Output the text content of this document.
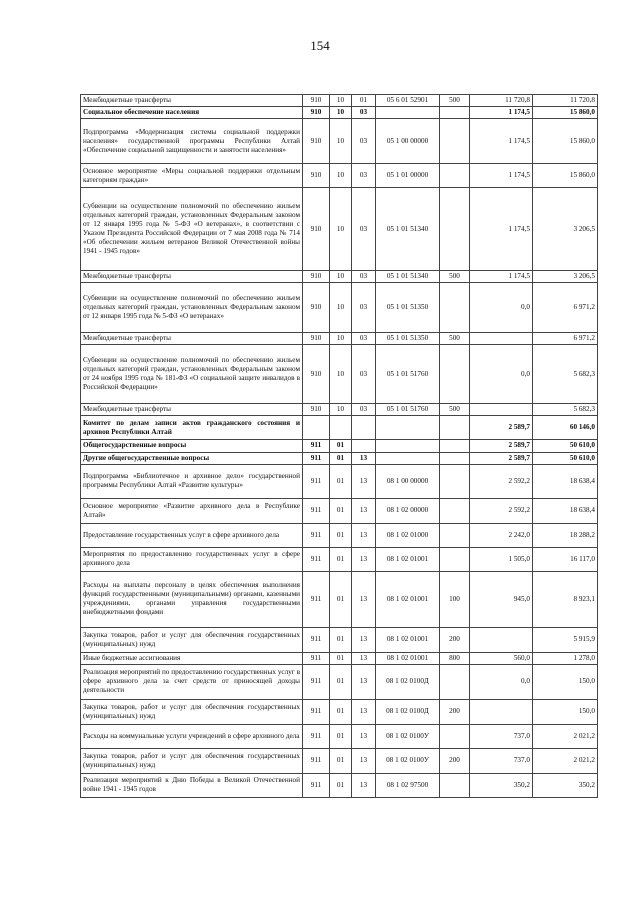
154
Межбюджетные трансферты	910	10	01	05 6 01 52901	500	11 720,8	11 720,8
Социальное обеспечение населения	910	10	03			1 174,5	15 860,0
Подпрограмма «Модернизация системы социальной поддержки населения» государственной программы Республики Алтай «Обеспечение социальной защищенности и занятости населения»	910	10	03	05 1 00 00000		1 174,5	15 860,0
Основное мероприятие «Меры социальной поддержки отдельным категориям граждан»	910	10	03	05 1 01 00000		1 174,5	15 860,0
Субвенции на осуществление полномочий по обеспечению жильем отдельных категорий граждан, установленных Федеральным законом от 12 января 1995 года № 5-ФЗ «О ветеранах», в соответствии с Указом Президента Российской Федерации от 7 мая 2008 года № 714 «Об обеспечении жильем ветеранов Великой Отечественной войны 1941 - 1945 годов»	910	10	03	05 1 01 51340		1 174,5	3 206,5
Межбюджетные трансферты	910	10	03	05 1 01 51340	500	1 174,5	3 206,5
Субвенции на осуществление полномочий по обеспечению жильем отдельных категорий граждан, установленных Федеральным законом от 12 января 1995 года № 5-ФЗ «О ветеранах»	910	10	03	05 1 01 51350		0,0	6 971,2
Межбюджетные трансферты	910	10	03	05 1 01 51350	500		6 971,2
Субвенции на осуществление полномочий по обеспечению жильем отдельных категорий граждан, установленных Федеральным законом от 24 ноября 1995 года № 181-ФЗ «О социальной защите инвалидов в Российской Федерации»	910	10	03	05 1 01 51760		0,0	5 682,3
Межбюджетные трансферты	910	10	03	05 1 01 51760	500		5 682,3
Комитет по делам записи актов гражданского состояния и архивов Республики Алтай						2 589,7	60 146,0
Общегосударственные вопросы	911	01				2 589,7	50 610,0
Другие общегосударственные вопросы	911	01	13			2 589,7	50 610,0
Подпрограмма «Библиотечное и архивное дело» государственной программы Республики Алтай «Развитие культуры»	911	01	13	08 1 00 00000		2 592,2	18 638,4
Основное мероприятие «Развитие архивного дела в Республике Алтай»	911	01	13	08 1 02 00000		2 592,2	18 638,4
Предоставление государственных услуг в сфере архивного дела	911	01	13	08 1 02 01000		2 242,0	18 288,2
Мероприятия по предоставлению государственных услуг в сфере архивного дела	911	01	13	08 1 02 01001		1 505,0	16 117,0
Расходы на выплаты персоналу в целях обеспечения выполнения функций государственными (муниципальными) органами, казенными учреждениями, органами управления государственными внебюджетными фондами	911	01	13	08 1 02 01001	100	945,0	8 923,1
Закупка товаров, работ и услуг для обеспечения государственных (муниципальных) нужд	911	01	13	08 1 02 01001	200		5 915,9
Иные бюджетные ассигнования	911	01	13	08 1 02 01001	800	560,0	1 278,0
Реализация мероприятий по предоставлению государственных услуг в сфере архивного дела за счет средств от приносящей доходы деятельности	911	01	13	08 1 02 0100Д		0,0	150,0
Закупка товаров, работ и услуг для обеспечения государственных (муниципальных) нужд	911	01	13	08 1 02 0100Д	200		150,0
Расходы на коммунальные услуги учреждений в сфере архивного дела	911	01	13	08 1 02 0100У		737,0	2 021,2
Закупка товаров, работ и услуг для обеспечения государственных (муниципальных) нужд	911	01	13	08 1 02 0100У	200	737,0	2 021,2
Реализация мероприятий к Дню Победы в Великой Отечественной войне 1941 - 1945 годов	911	01	13	08 1 02 97500		350,2	350,2
